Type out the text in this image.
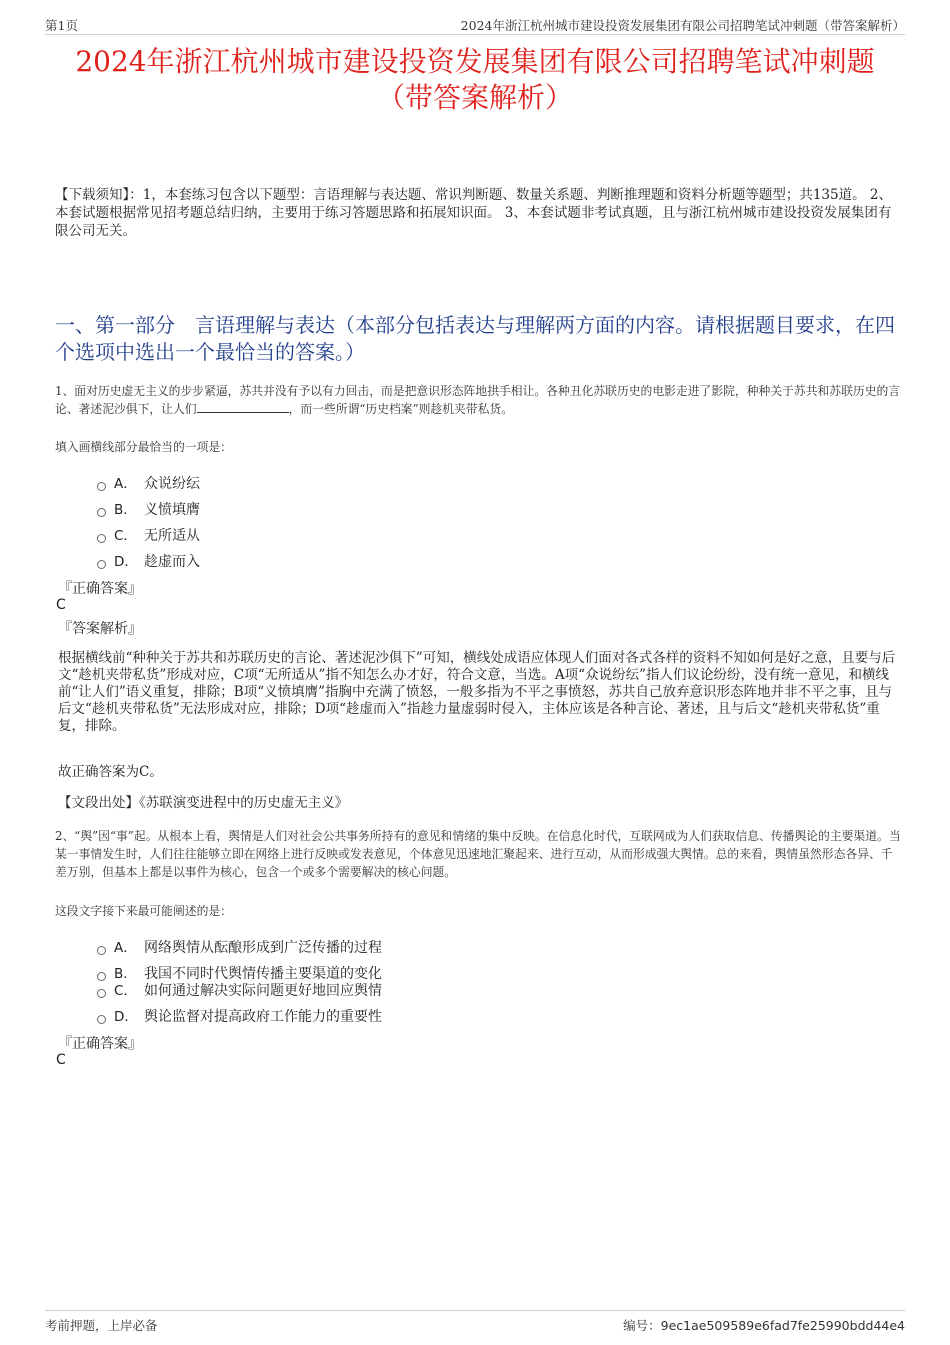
第1页	2024年浙江杭州城市建设投资发展集团有限公司招聘笔试冲刺题（带答案解析）
2024年浙江杭州城市建设投资发展集团有限公司招聘笔试冲刺题（带答案解析）

【下载须知】：1，本套练习包含以下题型：言语理解与表达题、常识判断题、数量关系题、判断推理题和资料分析题等题型；共135道。 2、本套试题根据常见招考题总结归纳，主要用于练习答题思路和拓展知识面。 3、本套试题非考试真题，且与浙江杭州城市建设投资发展集团有限公司无关。

一、第一部分　言语理解与表达（本部分包括表达与理解两方面的内容。请根据题目要求，在四个选项中选出一个最恰当的答案。）

1、面对历史虚无主义的步步紧逼，苏共并没有予以有力回击，而是把意识形态阵地拱手相让。各种丑化苏联历史的电影走进了影院，种种关于苏共和苏联历史的言论、著述泥沙俱下，让人们	，而一些所谓“历史档案”则趁机夹带私货。

填入画横线部分最恰当的一项是：

A． 众说纷纭
B． 义愤填膺
C． 无所适从
D． 趁虚而入

『正确答案』

C

『答案解析』

根据横线前“种种关于苏共和苏联历史的言论、著述泥沙俱下”可知，横线处成语应体现人们面对各式各样的资料不知如何是好之意，且要与后文“趁机夹带私货”形成对应，C项“无所适从”指不知怎么办才好，符合文意，当选。A项“众说纷纭”指人们议论纷纷，没有统一意见，和横线前“让人们”语义重复，排除；B项“义愤填膺”指胸中充满了愤怒，一般多指为不平之事愤怒，苏共自己放弃意识形态阵地并非不平之事，且与后文“趁机夹带私货”无法形成对应，排除；D项“趁虚而入”指趁力量虚弱时侵入，主体应该是各种言论、著述，且与后文“趁机夹带私货”重复，排除。

故正确答案为C。

【文段出处】《苏联演变进程中的历史虚无主义》

2、“舆”因“事”起。从根本上看，舆情是人们对社会公共事务所持有的意见和情绪的集中反映。在信息化时代，互联网成为人们获取信息、传播舆论的主要渠道。当某一事情发生时，人们往往能够立即在网络上进行反映或发表意见，个体意见迅速地汇聚起来、进行互动，从而形成强大舆情。总的来看，舆情虽然形态各异、千差万别，但基本上都是以事件为核心，包含一个或多个需要解决的核心问题。

这段文字接下来最可能阐述的是：

A． 网络舆情从酝酿形成到广泛传播的过程
B． 我国不同时代舆情传播主要渠道的变化
C． 如何通过解决实际问题更好地回应舆情
D． 舆论监督对提高政府工作能力的重要性

『正确答案』

C

考前押题，上岸必备	编号：9ec1ae509589e6fad7fe25990bdd44e4
